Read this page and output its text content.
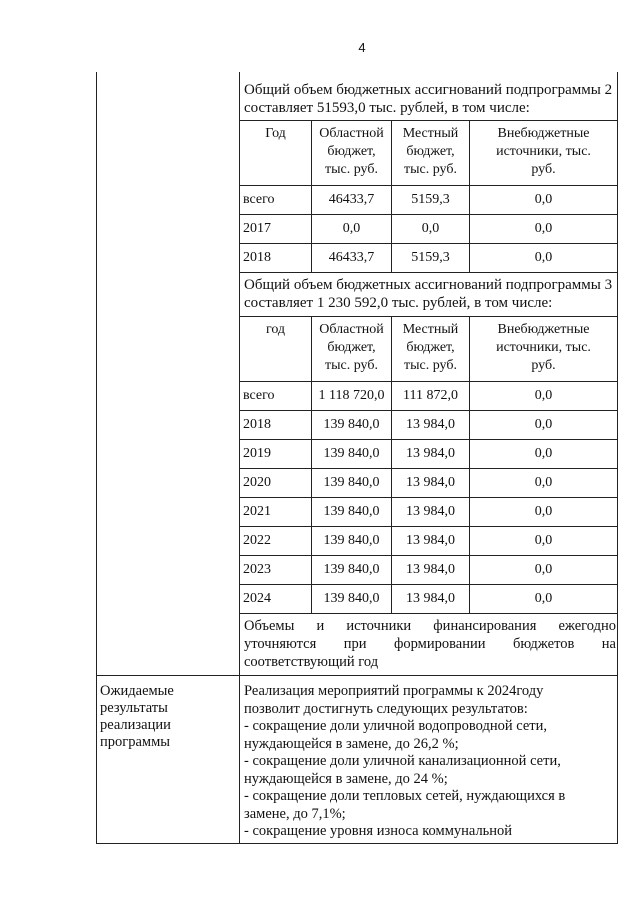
4
Общий объем бюджетных ассигнований подпрограммы 2 составляет 51593,0 тыс. рублей, в том числе:
Год	Областной бюджет, тыс. руб.	Местный бюджет, тыс. руб.	Внебюджетные источники, тыс. руб.
всего	46433,7	5159,3	0,0
2017	0,0	0,0	0,0
2018	46433,7	5159,3	0,0
Общий объем бюджетных ассигнований подпрограммы 3 составляет 1 230 592,0 тыс. рублей, в том числе:
год	Областной бюджет, тыс. руб.	Местный бюджет, тыс. руб.	Внебюджетные источники, тыс. руб.
всего	1 118 720,0	111 872,0	0,0
2018	139 840,0	13 984,0	0,0
2019	139 840,0	13 984,0	0,0
2020	139 840,0	13 984,0	0,0
2021	139 840,0	13 984,0	0,0
2022	139 840,0	13 984,0	0,0
2023	139 840,0	13 984,0	0,0
2024	139 840,0	13 984,0	0,0
Объемы и источники финансирования ежегодно
уточняются при формировании бюджетов на
соответствующий год
Ожидаемые
результаты
реализации
программы
Реализация мероприятий программы к 2024году
позволит достигнуть следующих результатов:
- сокращение доли уличной водопроводной сети,
нуждающейся в замене, до 26,2 %;
- сокращение доли уличной канализационной сети,
нуждающейся в замене, до 24 %;
- сокращение доли тепловых сетей, нуждающихся в
замене, до 7,1%;
- сокращение уровня износа коммунальной
